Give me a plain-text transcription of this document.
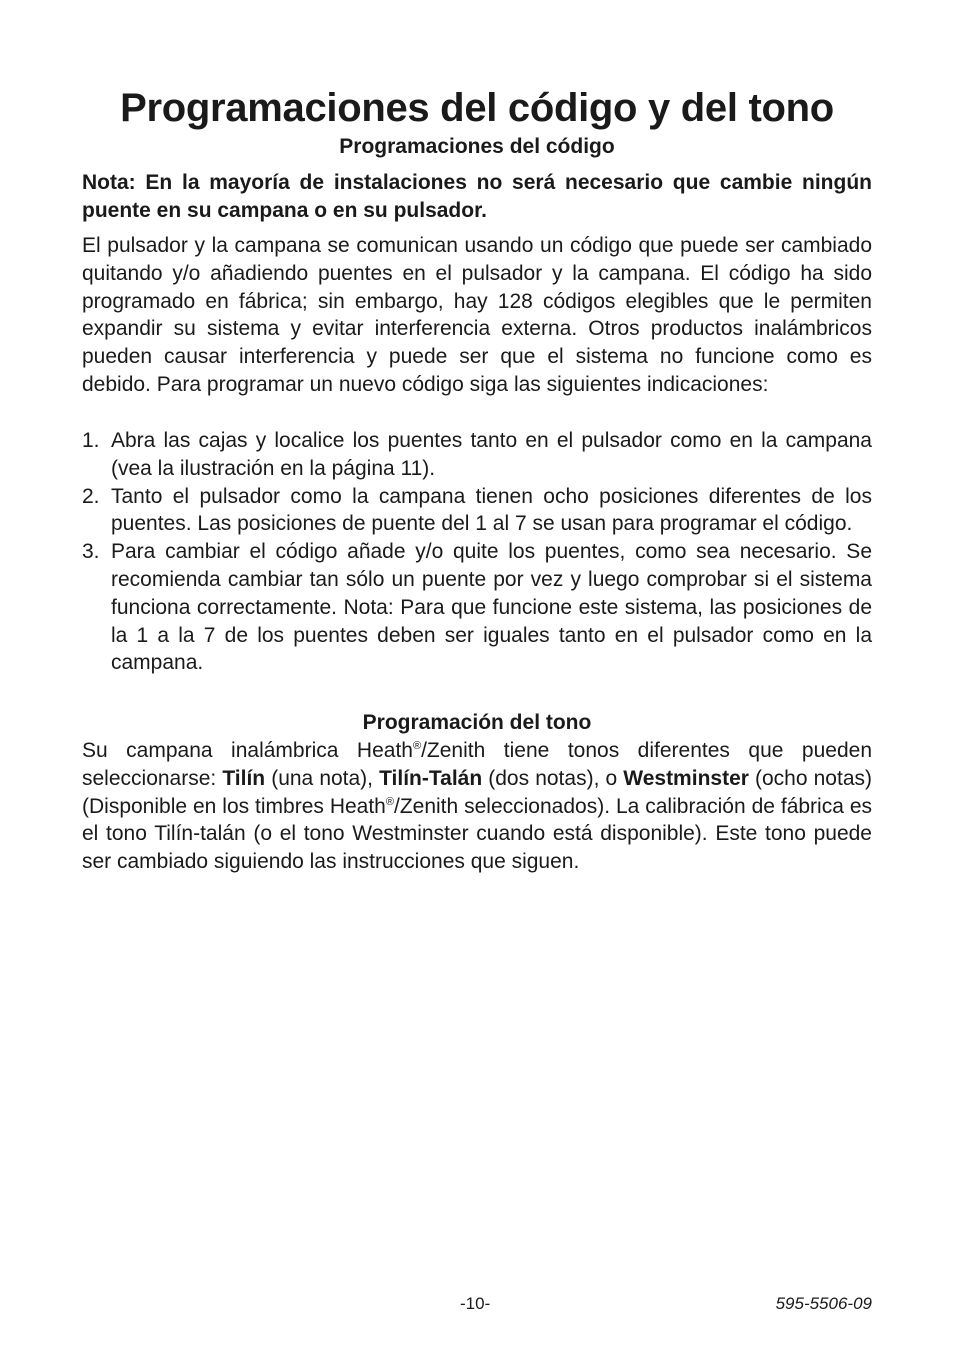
Programaciones del código y del tono
Programaciones del código

Nota: En la mayoría de instalaciones no será necesario que cambie ningún puente en su campana o en su pulsador.

El pulsador y la campana se comunican usando un código que puede ser cambiado quitando y/o añadiendo puentes en el pulsador y la campana. El código ha sido programado en fábrica; sin embargo, hay 128 códigos elegibles que le permiten expandir su sistema y evitar interferencia externa. Otros productos inalámbricos pueden causar interferencia y puede ser que el sistema no funcione como es debido. Para programar un nuevo código siga las siguientes indicaciones:

1. Abra las cajas y localice los puentes tanto en el pulsador como en la campana (vea la ilustración en la página 11).
2. Tanto el pulsador como la campana tienen ocho posiciones diferentes de los puentes. Las posiciones de puente del 1 al 7 se usan para programar el código.
3. Para cambiar el código añade y/o quite los puentes, como sea necesario. Se recomienda cambiar tan sólo un puente por vez y luego comprobar si el sistema funciona correctamente. Nota: Para que funcione este sistema, las posiciones de la 1 a la 7 de los puentes deben ser iguales tanto en el pulsador como en la campana.
Programación del tono

Su campana inalámbrica Heath®/Zenith tiene tonos diferentes que pueden seleccionarse: Tilín (una nota), Tilín-Talán (dos notas), o Westminster (ocho notas) (Disponible en los timbres Heath®/Zenith seleccionados). La calibración de fábrica es el tono Tilín-talán (o el tono Westminster cuando está disponible). Este tono puede ser cambiado siguiendo las instrucciones que siguen.

-10-	595-5506-09
